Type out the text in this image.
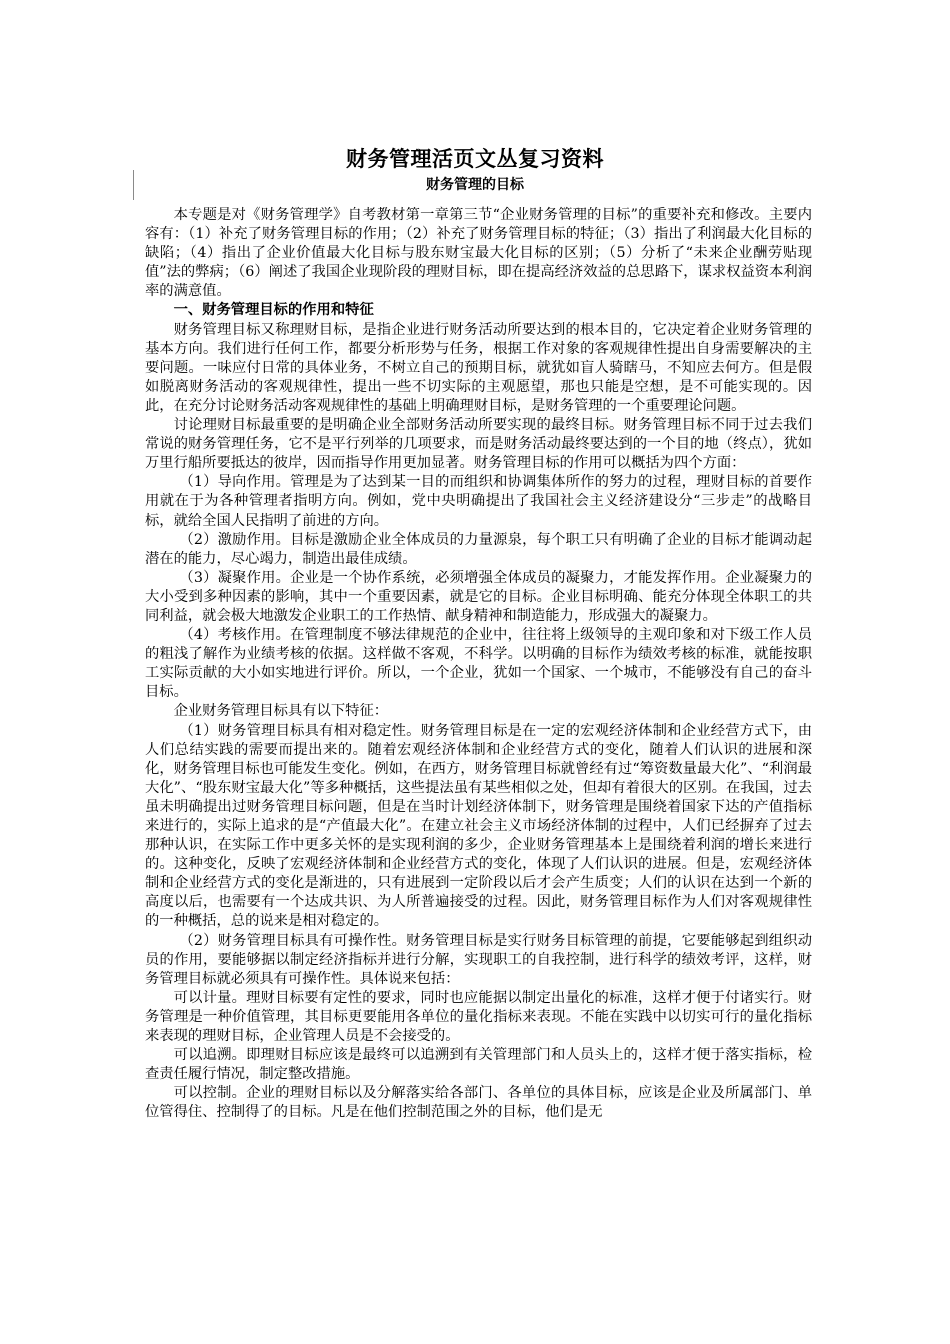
财务管理活页文丛复习资料
财务管理的目标

本专题是对《财务管理学》自考教材第一章第三节“企业财务管理的目标”的重要补充和修改。主要内容有：（1）补充了财务管理目标的作用；（2）补充了财务管理目标的特征；（3）指出了利润最大化目标的缺陷；（4）指出了企业价值最大化目标与股东财宝最大化目标的区别；（5）分析了“未来企业酬劳贴现值”法的弊病；（6）阐述了我国企业现阶段的理财目标，即在提高经济效益的总思路下，谋求权益资本利润率的满意值。

一、财务管理目标的作用和特征

财务管理目标又称理财目标，是指企业进行财务活动所要达到的根本目的，它决定着企业财务管理的基本方向。我们进行任何工作，都要分析形势与任务，根据工作对象的客观规律性提出自身需要解决的主要问题。一味应付日常的具体业务，不树立自己的预期目标，就犹如盲人骑瞎马，不知应去何方。但是假如脱离财务活动的客观规律性，提出一些不切实际的主观愿望，那也只能是空想，是不可能实现的。因此，在充分讨论财务活动客观规律性的基础上明确理财目标，是财务管理的一个重要理论问题。

讨论理财目标最重要的是明确企业全部财务活动所要实现的最终目标。财务管理目标不同于过去我们常说的财务管理任务，它不是平行列举的几项要求，而是财务活动最终要达到的一个目的地（终点），犹如万里行船所要抵达的彼岸，因而指导作用更加显著。财务管理目标的作用可以概括为四个方面：

（1）导向作用。管理是为了达到某一目的而组织和协调集体所作的努力的过程，理财目标的首要作用就在于为各种管理者指明方向。例如，党中央明确提出了我国社会主义经济建设分“三步走”的战略目标，就给全国人民指明了前进的方向。

（2）激励作用。目标是激励企业全体成员的力量源泉，每个职工只有明确了企业的目标才能调动起潜在的能力，尽心竭力，制造出最佳成绩。

（3）凝聚作用。企业是一个协作系统，必须增强全体成员的凝聚力，才能发挥作用。企业凝聚力的大小受到多种因素的影响，其中一个重要因素，就是它的目标。企业目标明确、能充分体现全体职工的共同利益，就会极大地激发企业职工的工作热情、献身精神和制造能力，形成强大的凝聚力。

（4）考核作用。在管理制度不够法律规范的企业中，往往将上级领导的主观印象和对下级工作人员的粗浅了解作为业绩考核的依据。这样做不客观，不科学。以明确的目标作为绩效考核的标准，就能按职工实际贡献的大小如实地进行评价。所以，一个企业，犹如一个国家、一个城市，不能够没有自己的奋斗目标。

企业财务管理目标具有以下特征：

（1）财务管理目标具有相对稳定性。财务管理目标是在一定的宏观经济体制和企业经营方式下，由人们总结实践的需要而提出来的。随着宏观经济体制和企业经营方式的变化，随着人们认识的进展和深化，财务管理目标也可能发生变化。例如，在西方，财务管理目标就曾经有过“筹资数量最大化”、“利润最大化”、“股东财宝最大化”等多种概括，这些提法虽有某些相似之处，但却有着很大的区别。在我国，过去虽未明确提出过财务管理目标问题，但是在当时计划经济体制下，财务管理是围绕着国家下达的产值指标来进行的，实际上追求的是“产值最大化”。在建立社会主义市场经济体制的过程中，人们已经摒弃了过去那种认识，在实际工作中更多关怀的是实现利润的多少，企业财务管理基本上是围绕着利润的增长来进行的。这种变化，反映了宏观经济体制和企业经营方式的变化，体现了人们认识的进展。但是，宏观经济体制和企业经营方式的变化是渐进的，只有进展到一定阶段以后才会产生质变；人们的认识在达到一个新的高度以后，也需要有一个达成共识、为人所普遍接受的过程。因此，财务管理目标作为人们对客观规律性的一种概括，总的说来是相对稳定的。

（2）财务管理目标具有可操作性。财务管理目标是实行财务目标管理的前提，它要能够起到组织动员的作用，要能够据以制定经济指标并进行分解，实现职工的自我控制，进行科学的绩效考评，这样，财务管理目标就必须具有可操作性。具体说来包括：

可以计量。理财目标要有定性的要求，同时也应能据以制定出量化的标准，这样才便于付诸实行。财务管理是一种价值管理，其目标更要能用各单位的量化指标来表现。不能在实践中以切实可行的量化指标来表现的理财目标，企业管理人员是不会接受的。

可以追溯。即理财目标应该是最终可以追溯到有关管理部门和人员头上的，这样才便于落实指标，检查责任履行情况，制定整改措施。

可以控制。企业的理财目标以及分解落实给各部门、各单位的具体目标，应该是企业及所属部门、单位管得住、控制得了的目标。凡是在他们控制范围之外的目标，他们是无
